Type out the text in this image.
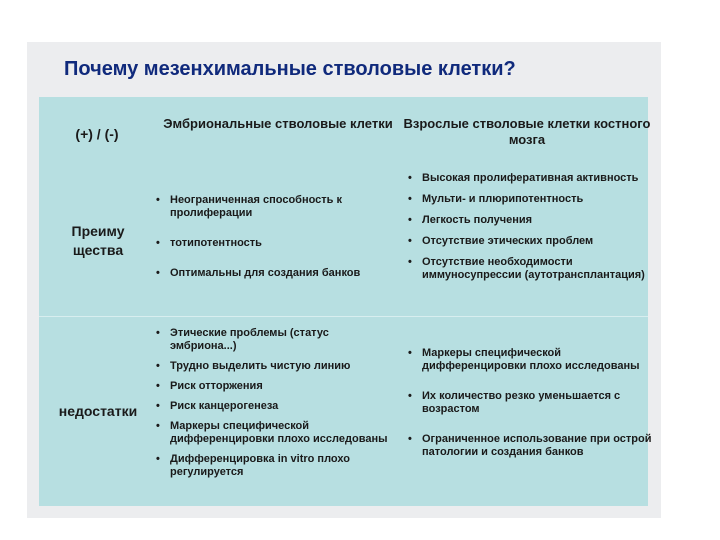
Почему мезенхимальные стволовые клетки?
(+) / (-)
Эмбриональные стволовые клетки Взрослые стволовые клетки костного мозга
Преиму щества
недостатки
• Неограниченная способность к пролиферации
• тотипотентность
• Оптимальны для создания банков
• Высокая пролиферативная активность
• Мульти- и плюрипотентность
• Легкость получения
• Отсутствие этических проблем
• Отсутствие необходимости иммуносупрессии (аутотрансплантация)
• Этические проблемы (статус эмбриона...)
• Трудно выделить чистую линию
• Риск отторжения
• Риск канцерогенеза
• Маркеры специфической дифференцировки плохо исследованы
• Дифференцировка in vitro плохо регулируется
• Маркеры специфической дифференцировки плохо исследованы
• Их количество резко уменьшается с возрастом
• Ограниченное использование при острой патологии и создания банков
